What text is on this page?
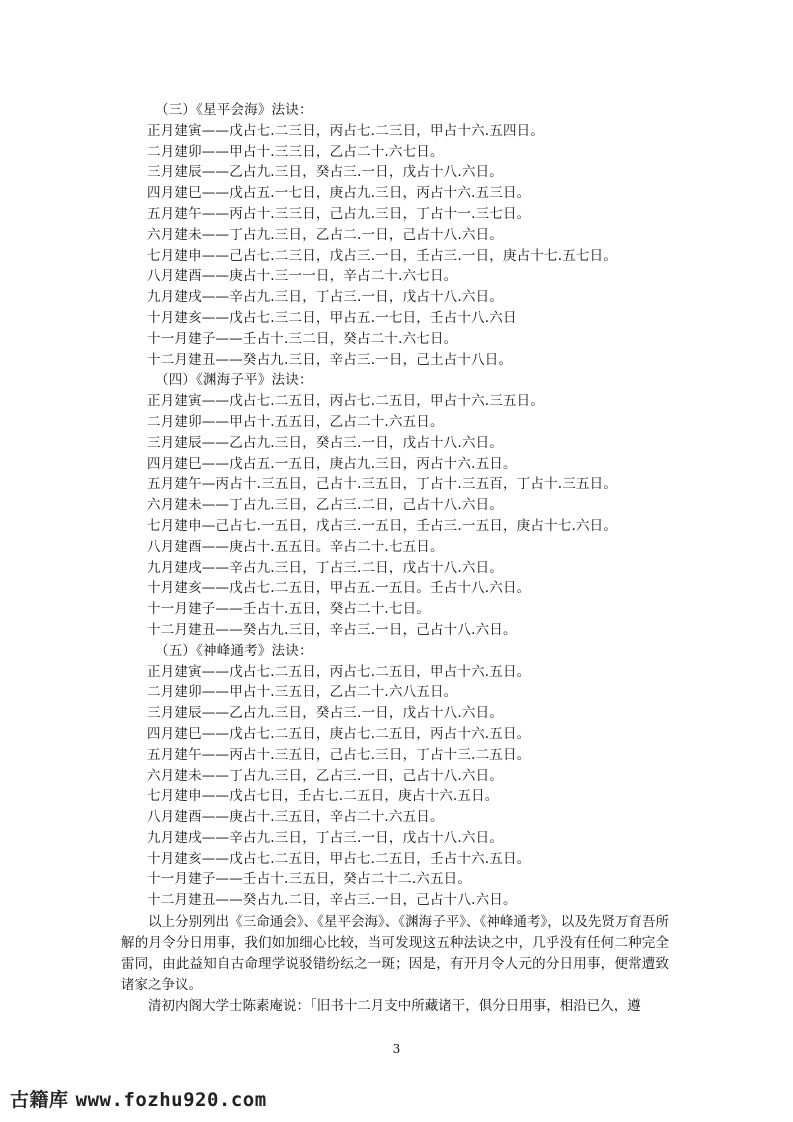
（三）《星平会海》法诀：
正月建寅——戊占七.二三日，丙占七.二三日，甲占十六.五四日。
二月建卯——甲占十.三三日，乙占二十.六七日。
三月建辰——乙占九.三日，癸占三.一日，戊占十八.六日。
四月建巳——戊占五.一七日，庚占九.三日，丙占十六.五三日。
五月建午——丙占十.三三日，己占九.三日，丁占十一.三七日。
六月建未——丁占九.三日，乙占二.一日，己占十八.六日。
七月建申——己占七.二三日，戊占三.一日，壬占三.一日，庚占十七.五七日。
八月建酉——庚占十.三一一日，辛占二十.六七日。
九月建戌——辛占九.三日，丁占三.一日，戊占十八.六日。
十月建亥——戊占七.三二日，甲占五.一七日，壬占十八.六日
十一月建子——壬占十.三二日，癸占二十.六七日。
十二月建丑——癸占九.三日，辛占三.一日，己土占十八日。
（四）《渊海子平》法诀：
正月建寅——戊占七.二五日，丙占七.二五日，甲占十六.三五日。
二月建卯——甲占十.五五日，乙占二十.六五日。
三月建辰——乙占九.三日，癸占三.一日，戊占十八.六日。
四月建巳——戊占五.一五日，庚占九.三日，丙占十六.五日。
五月建午—丙占十.三五日，己占十.三五日，丁占十.三五百，丁占十.三五日。
六月建未——丁占九.三日，乙占三.二日，己占十八.六日。
七月建申—己占七.一五日，戊占三.一五日，壬占三.一五日，庚占十七.六日。
八月建酉——庚占十.五五日。辛占二十.七五日。
九月建戌——辛占九.三日，丁占三.二日，戊占十八.六日。
十月建亥——戊占七.二五日，甲占五.一五日。壬占十八.六日。
十一月建子——壬占十.五日，癸占二十.七日。
十二月建丑——癸占九.三日，辛占三.一日，己占十八.六日。
（五）《神峰通考》法诀：
正月建寅——戊占七.二五日，丙占七.二五日，甲占十六.五日。
二月建卯——甲占十.三五日，乙占二十.六八五日。
三月建辰——乙占九.三日，癸占三.一日，戊占十八.六日。
四月建巳——戊占七.二五日，庚占七.二五日，丙占十六.五日。
五月建午——丙占十.三五日，己占七.三日，丁占十三.二五日。
六月建未——丁占九.三日，乙占三.一日，己占十八.六日。
七月建申——戊占七日，壬占七.二五日，庚占十六.五日。
八月建酉——庚占十.三五日，辛占二十.六五日。
九月建戌——辛占九.三日，丁占三.一日，戊占十八.六日。
十月建亥——戊占七.二五日，甲占七.二五日，壬占十六.五日。
十一月建子——壬占十.三五日，癸占二十二.六五日。
十二月建丑——癸占九.二日，辛占三.一日，己占十八.六日。

以上分别列出《三命通会》、《星平会海》、《渊海子平》、《神峰通考》，以及先贤万育吾所解的月令分日用事，我们如加细心比较，当可发现这五种法诀之中，几乎没有任何二种完全雷同，由此益知自古命理学说驳错纷纭之一斑；因是，有开月令人元的分日用事，便常遭致诸家之争议。

清初内阁大学士陈素庵说：「旧书十二月支中所藏诸干，俱分日用事，相沿已久，遵

3
古籍库 www.fozhu920.com
